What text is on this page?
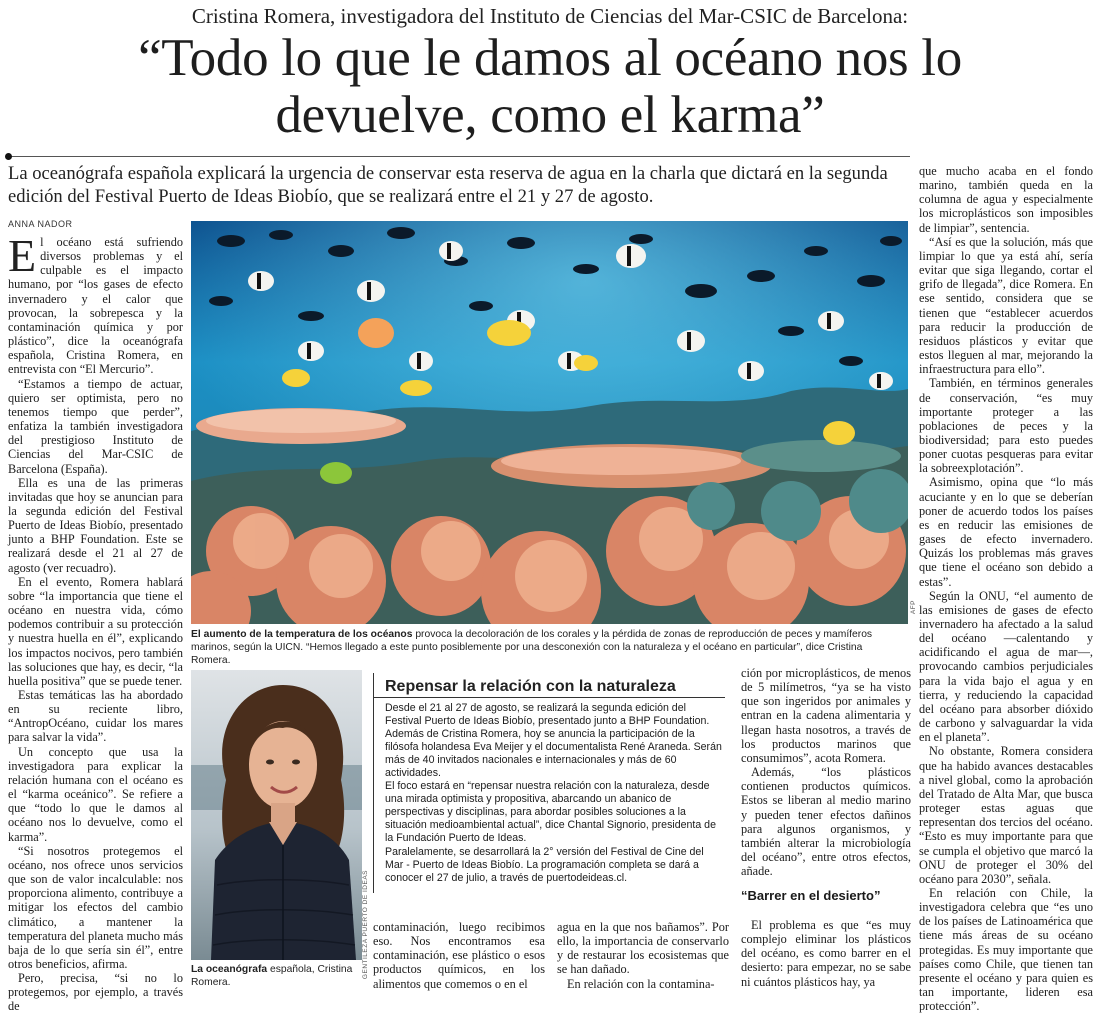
Cristina Romera, investigadora del Instituto de Ciencias del Mar-CSIC de Barcelona:
“Todo lo que le damos al océano nos lo
devuelve, como el karma”
La oceanógrafa española explicará la urgencia de conservar esta reserva de agua en la charla que dictará en la segunda edición del Festival Puerto de Ideas Biobío, que se realizará entre el 21 y 27 de agosto.
ANNA NADOR

El océano está sufriendo diversos problemas y el culpable es el impacto humano, por “los gases de efecto invernadero y el calor que provocan, la sobrepesca y la contaminación química y por plástico”, dice la oceanógrafa española, Cristina Romera, en entrevista con “El Mercurio”.

“Estamos a tiempo de actuar, quiero ser optimista, pero no tenemos tiempo que perder”, enfatiza la también investigadora del prestigioso Instituto de Ciencias del Mar-CSIC de Barcelona (España).

Ella es una de las primeras invitadas que hoy se anuncian para la segunda edición del Festival Puerto de Ideas Biobío, presentado junto a BHP Foundation. Este se realizará desde el 21 al 27 de agosto (ver recuadro).

En el evento, Romera hablará sobre “la importancia que tiene el océano en nuestra vida, cómo podemos contribuir a su protección y nuestra huella en él”, explicando los impactos nocivos, pero también las soluciones que hay, es decir, “la huella positiva” que se puede tener.

Estas temáticas las ha abordado en su reciente libro, “AntropOcéano, cuidar los mares para salvar la vida”.

Un concepto que usa la investigadora para explicar la relación humana con el océano es el “karma oceánico”. Se refiere a que “todo lo que le damos al océano nos lo devuelve, como el karma”.

“Si nosotros protegemos el océano, nos ofrece unos servicios que son de valor incalculable: nos proporciona alimento, contribuye a mitigar los efectos del cambio climático, a mantener la temperatura del planeta mucho más baja de lo que sería sin él”, entre otros beneficios, afirma.

Pero, precisa, “si no lo protegemos, por ejemplo, a través de

AFP
El aumento de la temperatura de los océanos provoca la decoloración de los corales y la pérdida de zonas de reproducción de peces y mamíferos marinos, según la UICN. “Hemos llegado a este punto posiblemente por una desconexión con la naturaleza y el océano en particular”, dice Cristina Romera.
GENTILEZA PUERTO DE IDEAS
La oceanógrafa española, Cristina Romera.
Repensar la relación con la naturaleza

Desde el 21 al 27 de agosto, se realizará la segunda edición del Festival Puerto de Ideas Biobío, presentado junto a BHP Foundation. Además de Cristina Romera, hoy se anuncia la participación de la filósofa holandesa Eva Meijer y el documentalista René Araneda. Serán más de 40 invitados nacionales e internacionales y más de 60 actividades.

El foco estará en “repensar nuestra relación con la naturaleza, desde una mirada optimista y propositiva, abarcando un abanico de perspectivas y disciplinas, para abordar posibles soluciones a la situación medioambiental actual”, dice Chantal Signorio, presidenta de la Fundación Puerto de Ideas.

Paralelamente, se desarrollará la 2° versión del Festival de Cine del Mar - Puerto de Ideas Biobío. La programación completa se dará a conocer el 27 de julio, a través de puertodeideas.cl.

contaminación, luego recibimos eso. Nos encontramos esa contaminación, ese plástico o esos productos químicos, en los alimentos que comemos o en el

agua en la que nos bañamos”. Por ello, la importancia de conservarlo y de restaurar los ecosistemas que se han dañado.

En relación con la contamina-

ción por microplásticos, de menos de 5 milímetros, “ya se ha visto que son ingeridos por animales y entran en la cadena alimentaria y llegan hasta nosotros, a través de los productos marinos que consumimos”, acota Romera.

Además, “los plásticos contienen productos químicos. Estos se liberan al medio marino y pueden tener efectos dañinos para algunos organismos, y también alterar la microbiología del océano”, entre otros efectos, añade.

“Barrer en el desierto”

El problema es que “es muy complejo eliminar los plásticos del océano, es como barrer en el desierto: para empezar, no se sabe ni cuántos plásticos hay, ya

que mucho acaba en el fondo marino, también queda en la columna de agua y especialmente los microplásticos son imposibles de limpiar”, sentencia.

“Así es que la solución, más que limpiar lo que ya está ahí, sería evitar que siga llegando, cortar el grifo de llegada”, dice Romera. En ese sentido, considera que se tienen que “establecer acuerdos para reducir la producción de residuos plásticos y evitar que estos lleguen al mar, mejorando la infraestructura para ello”.

También, en términos generales de conservación, “es muy importante proteger a las poblaciones de peces y la biodiversidad; para esto puedes poner cuotas pesqueras para evitar la sobreexplotación”.

Asimismo, opina que “lo más acuciante y en lo que se deberían poner de acuerdo todos los países es en reducir las emisiones de gases de efecto invernadero. Quizás los problemas más graves que tiene el océano son debido a estas”.

Según la ONU, “el aumento de las emisiones de gases de efecto invernadero ha afectado a la salud del océano —calentando y acidificando el agua de mar—, provocando cambios perjudiciales para la vida bajo el agua y en tierra, y reduciendo la capacidad del océano para absorber dióxido de carbono y salvaguardar la vida en el planeta”.

No obstante, Romera considera que ha habido avances destacables a nivel global, como la aprobación del Tratado de Alta Mar, que busca proteger estas aguas que representan dos tercios del océano. “Esto es muy importante para que se cumpla el objetivo que marcó la ONU de proteger el 30% del océano para 2030”, señala.

En relación con Chile, la investigadora celebra que “es uno de los países de Latinoamérica que tiene más áreas de su océano protegidas. Es muy importante que países como Chile, que tienen tan presente el océano y para quien es tan importante, lideren esa protección”.
